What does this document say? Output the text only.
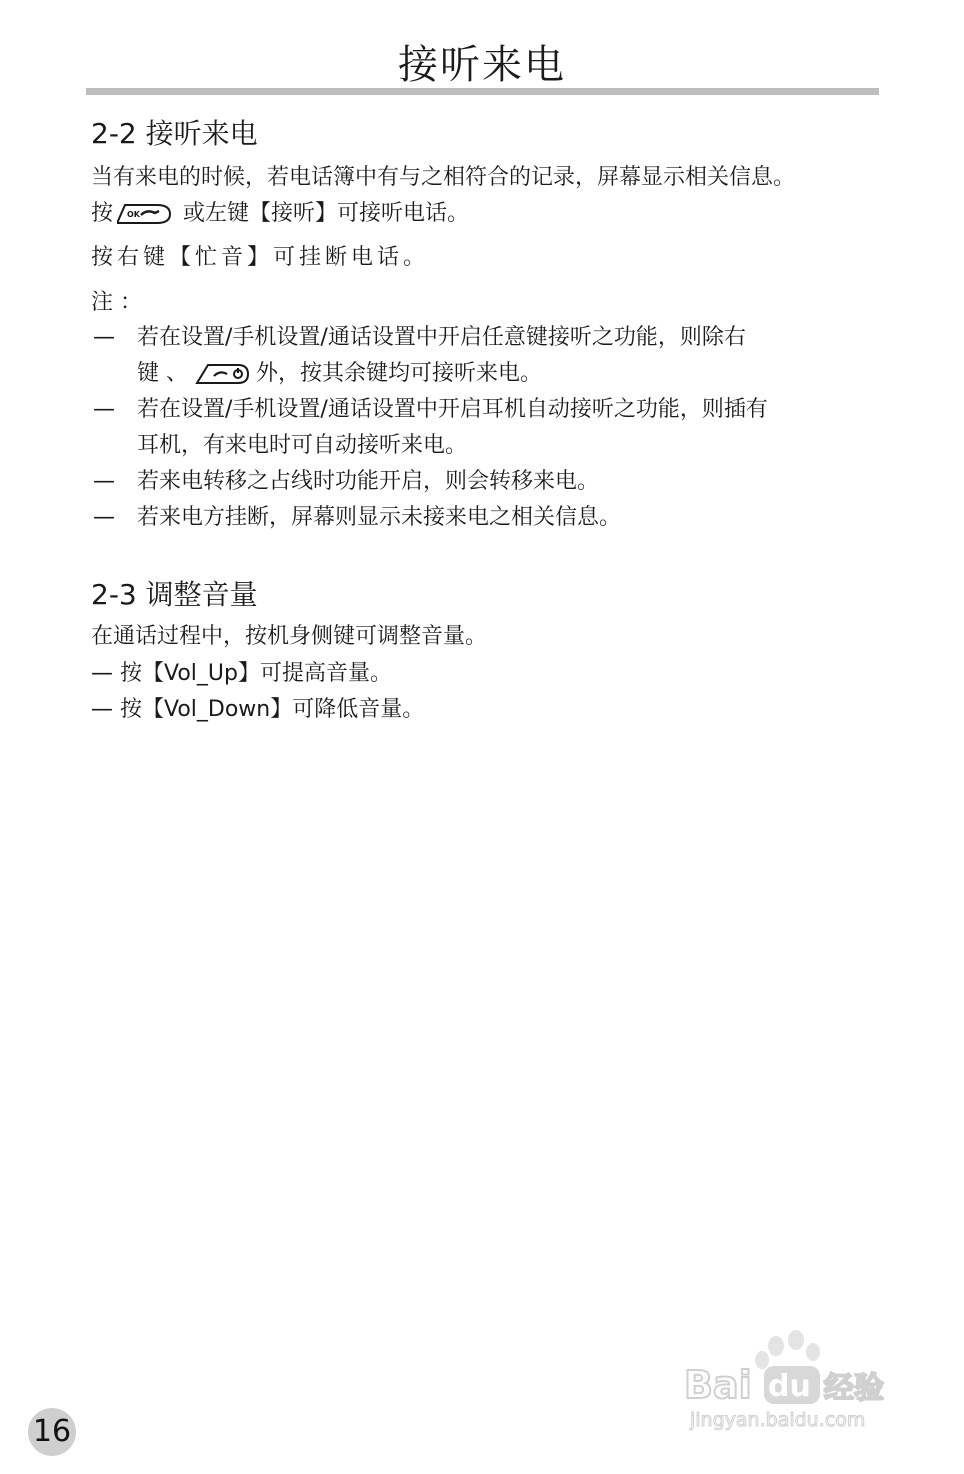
接听来电
2-2 接听来电
当有来电的时候，若电话簿中有与之相符合的记录，屏幕显示相关信息。
按 OK 或左键【接听】可接听电话。
按右键【忙音】可挂断电话。
注 ：
— 若在设置/手机设置/通话设置中开启任意键接听之功能，则除右
键 、	外，按其余键均可接听来电。
— 若在设置/手机设置/通话设置中开启耳机自动接听之功能，则插有
耳机，有来电时可自动接听来电。
— 若来电转移之占线时功能开启，则会转移来电。
— 若来电方挂断，屏幕则显示未接来电之相关信息。
2-3 调整音量
在通话过程中，按机身侧键可调整音量。
— 按【Vol_Up】可提高音量。
— 按【Vol_Down】可降低音量。
Bai du 经验
jingyan.baidu.com
16
